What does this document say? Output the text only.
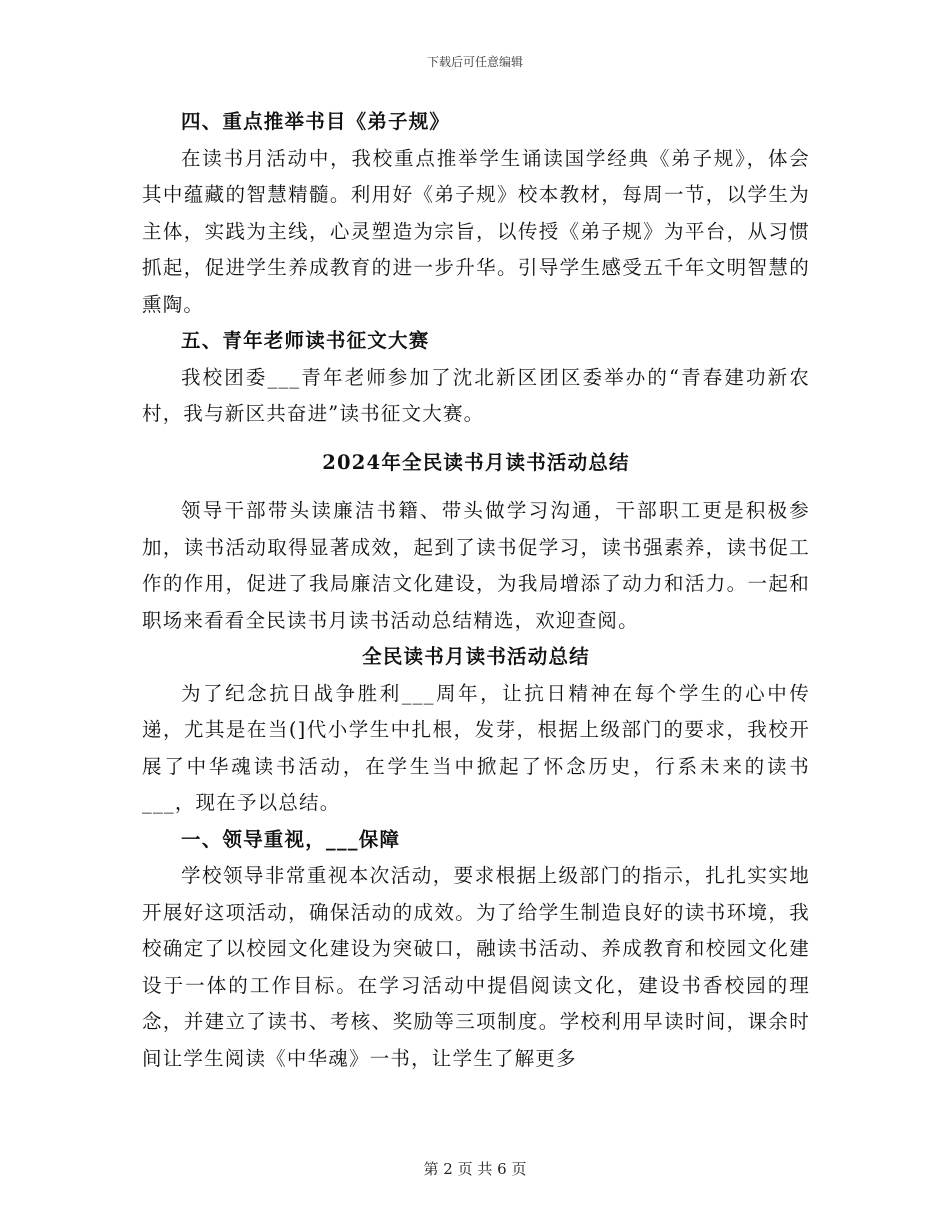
下载后可任意编辑

四、重点推举书目《弟子规》

在读书月活动中，我校重点推举学生诵读国学经典《弟子规》，体会其中蕴藏的智慧精髓。利用好《弟子规》校本教材，每周一节，以学生为主体，实践为主线，心灵塑造为宗旨，以传授《弟子规》为平台，从习惯抓起，促进学生养成教育的进一步升华。引导学生感受五千年文明智慧的熏陶。

五、青年老师读书征文大赛

我校团委___青年老师参加了沈北新区团区委举办的“青春建功新农村，我与新区共奋进”读书征文大赛。

2024年全民读书月读书活动总结

领导干部带头读廉洁书籍、带头做学习沟通，干部职工更是积极参加，读书活动取得显著成效，起到了读书促学习，读书强素养，读书促工作的作用，促进了我局廉洁文化建设，为我局增添了动力和活力。一起和职场来看看全民读书月读书活动总结精选，欢迎查阅。

全民读书月读书活动总结

为了纪念抗日战争胜利___周年，让抗日精神在每个学生的心中传递，尤其是在当(]代小学生中扎根，发芽，根据上级部门的要求，我校开展了中华魂读书活动，在学生当中掀起了怀念历史，行系未来的读书___，现在予以总结。

一、领导重视，___保障

学校领导非常重视本次活动，要求根据上级部门的指示，扎扎实实地开展好这项活动，确保活动的成效。为了给学生制造良好的读书环境，我校确定了以校园文化建设为突破口，融读书活动、养成教育和校园文化建设于一体的工作目标。在学习活动中提倡阅读文化，建设书香校园的理念，并建立了读书、考核、奖励等三项制度。学校利用早读时间，课余时间让学生阅读《中华魂》一书，让学生了解更多

第 2 页 共 6 页
